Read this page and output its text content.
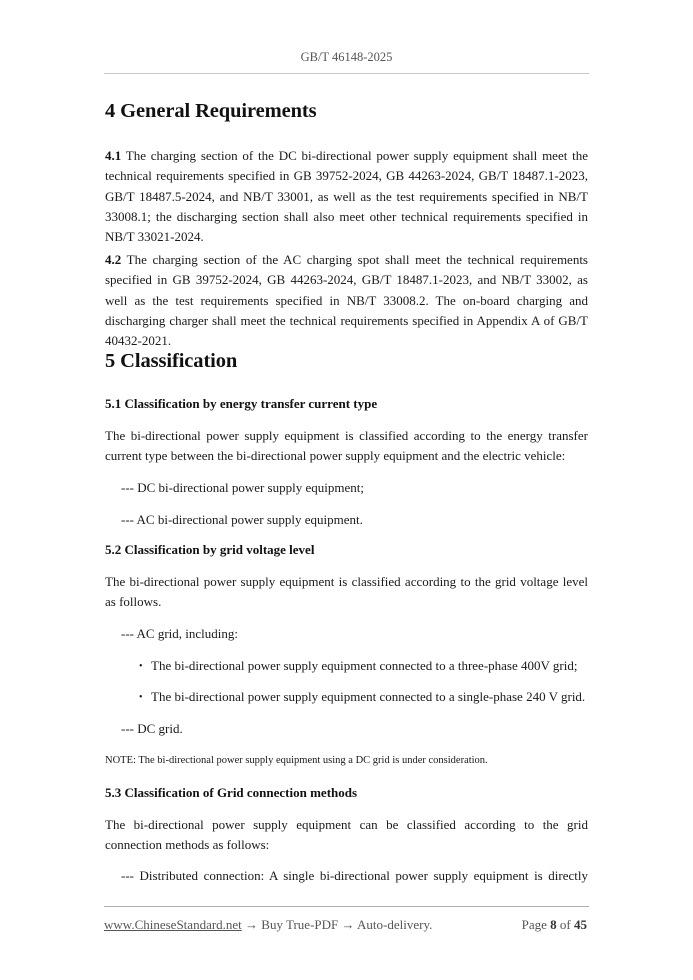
GB/T 46148-2025
4 General Requirements
4.1 The charging section of the DC bi-directional power supply equipment shall meet the technical requirements specified in GB 39752-2024, GB 44263-2024, GB/T 18487.1-2023, GB/T 18487.5-2024, and NB/T 33001, as well as the test requirements specified in NB/T 33008.1; the discharging section shall also meet other technical requirements specified in NB/T 33021-2024.
4.2 The charging section of the AC charging spot shall meet the technical requirements specified in GB 39752-2024, GB 44263-2024, GB/T 18487.1-2023, and NB/T 33002, as well as the test requirements specified in NB/T 33008.2. The on-board charging and discharging charger shall meet the technical requirements specified in Appendix A of GB/T 40432-2021.
5 Classification
5.1 Classification by energy transfer current type
The bi-directional power supply equipment is classified according to the energy transfer current type between the bi-directional power supply equipment and the electric vehicle:
--- DC bi-directional power supply equipment;
--- AC bi-directional power supply equipment.
5.2 Classification by grid voltage level
The bi-directional power supply equipment is classified according to the grid voltage level as follows.
--- AC grid, including:
• The bi-directional power supply equipment connected to a three-phase 400V grid;
• The bi-directional power supply equipment connected to a single-phase 240 V grid.
--- DC grid.
NOTE: The bi-directional power supply equipment using a DC grid is under consideration.
5.3 Classification of Grid connection methods
The bi-directional power supply equipment can be classified according to the grid connection methods as follows:
--- Distributed connection: A single bi-directional power supply equipment is directly
www.ChineseStandard.net → Buy True-PDF → Auto-delivery.	Page 8 of 45
